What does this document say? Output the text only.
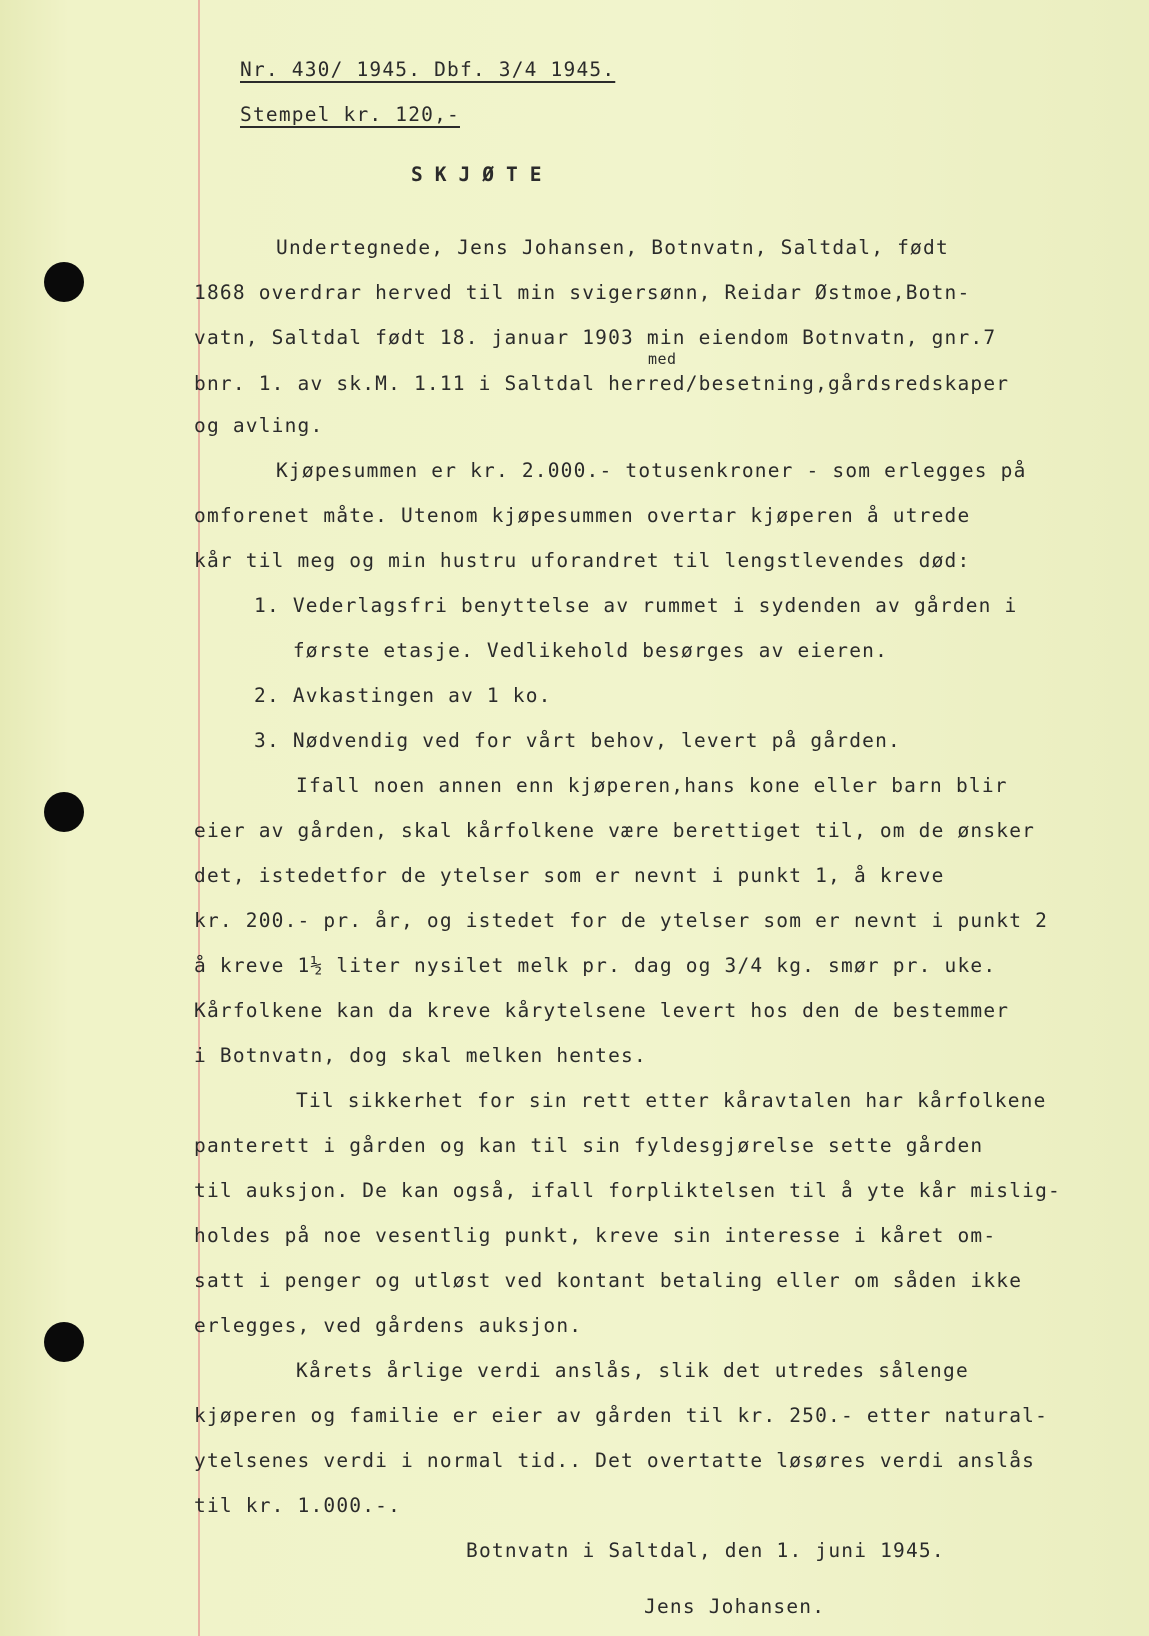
Nr. 430/ 1945. Dbf. 3/4 1945.
Stempel kr. 120,-
SKJØTE
Undertegnede, Jens Johansen, Botnvatn, Saltdal, født
1868 overdrar herved til min svigersønn, Reidar Østmoe,Botn-
vatn, Saltdal født 18. januar 1903 min eiendom Botnvatn, gnr.7
med
bnr. 1. av sk.M. 1.11 i Saltdal herred/besetning,gårdsredskaper
og avling.
Kjøpesummen er kr. 2.000.- totusenkroner - som erlegges på
omforenet måte. Utenom kjøpesummen overtar kjøperen å utrede
kår til meg og min hustru uforandret til lengstlevendes død:
1. Vederlagsfri benyttelse av rummet i sydenden av gården i
første etasje. Vedlikehold besørges av eieren.
2. Avkastingen av 1 ko.
3. Nødvendig ved for vårt behov, levert på gården.
Ifall noen annen enn kjøperen,hans kone eller barn blir
eier av gården, skal kårfolkene være berettiget til, om de ønsker
det, istedetfor de ytelser som er nevnt i punkt 1, å kreve
kr. 200.- pr. år, og istedet for de ytelser som er nevnt i punkt 2
å kreve 1½ liter nysilet melk pr. dag og 3/4 kg. smør pr. uke.
Kårfolkene kan da kreve kårytelsene levert hos den de bestemmer
i Botnvatn, dog skal melken hentes.
Til sikkerhet for sin rett etter kåravtalen har kårfolkene
panterett i gården og kan til sin fyldesgjørelse sette gården
til auksjon. De kan også, ifall forpliktelsen til å yte kår mislig-
holdes på noe vesentlig punkt, kreve sin interesse i kåret om-
satt i penger og utløst ved kontant betaling eller om såden ikke
erlegges, ved gårdens auksjon.
Kårets årlige verdi anslås, slik det utredes sålenge
kjøperen og familie er eier av gården til kr. 250.- etter natural-
ytelsenes verdi i normal tid.. Det overtatte løsøres verdi anslås
til kr. 1.000.-.
Botnvatn i Saltdal, den 1. juni 1945.
Jens Johansen.
